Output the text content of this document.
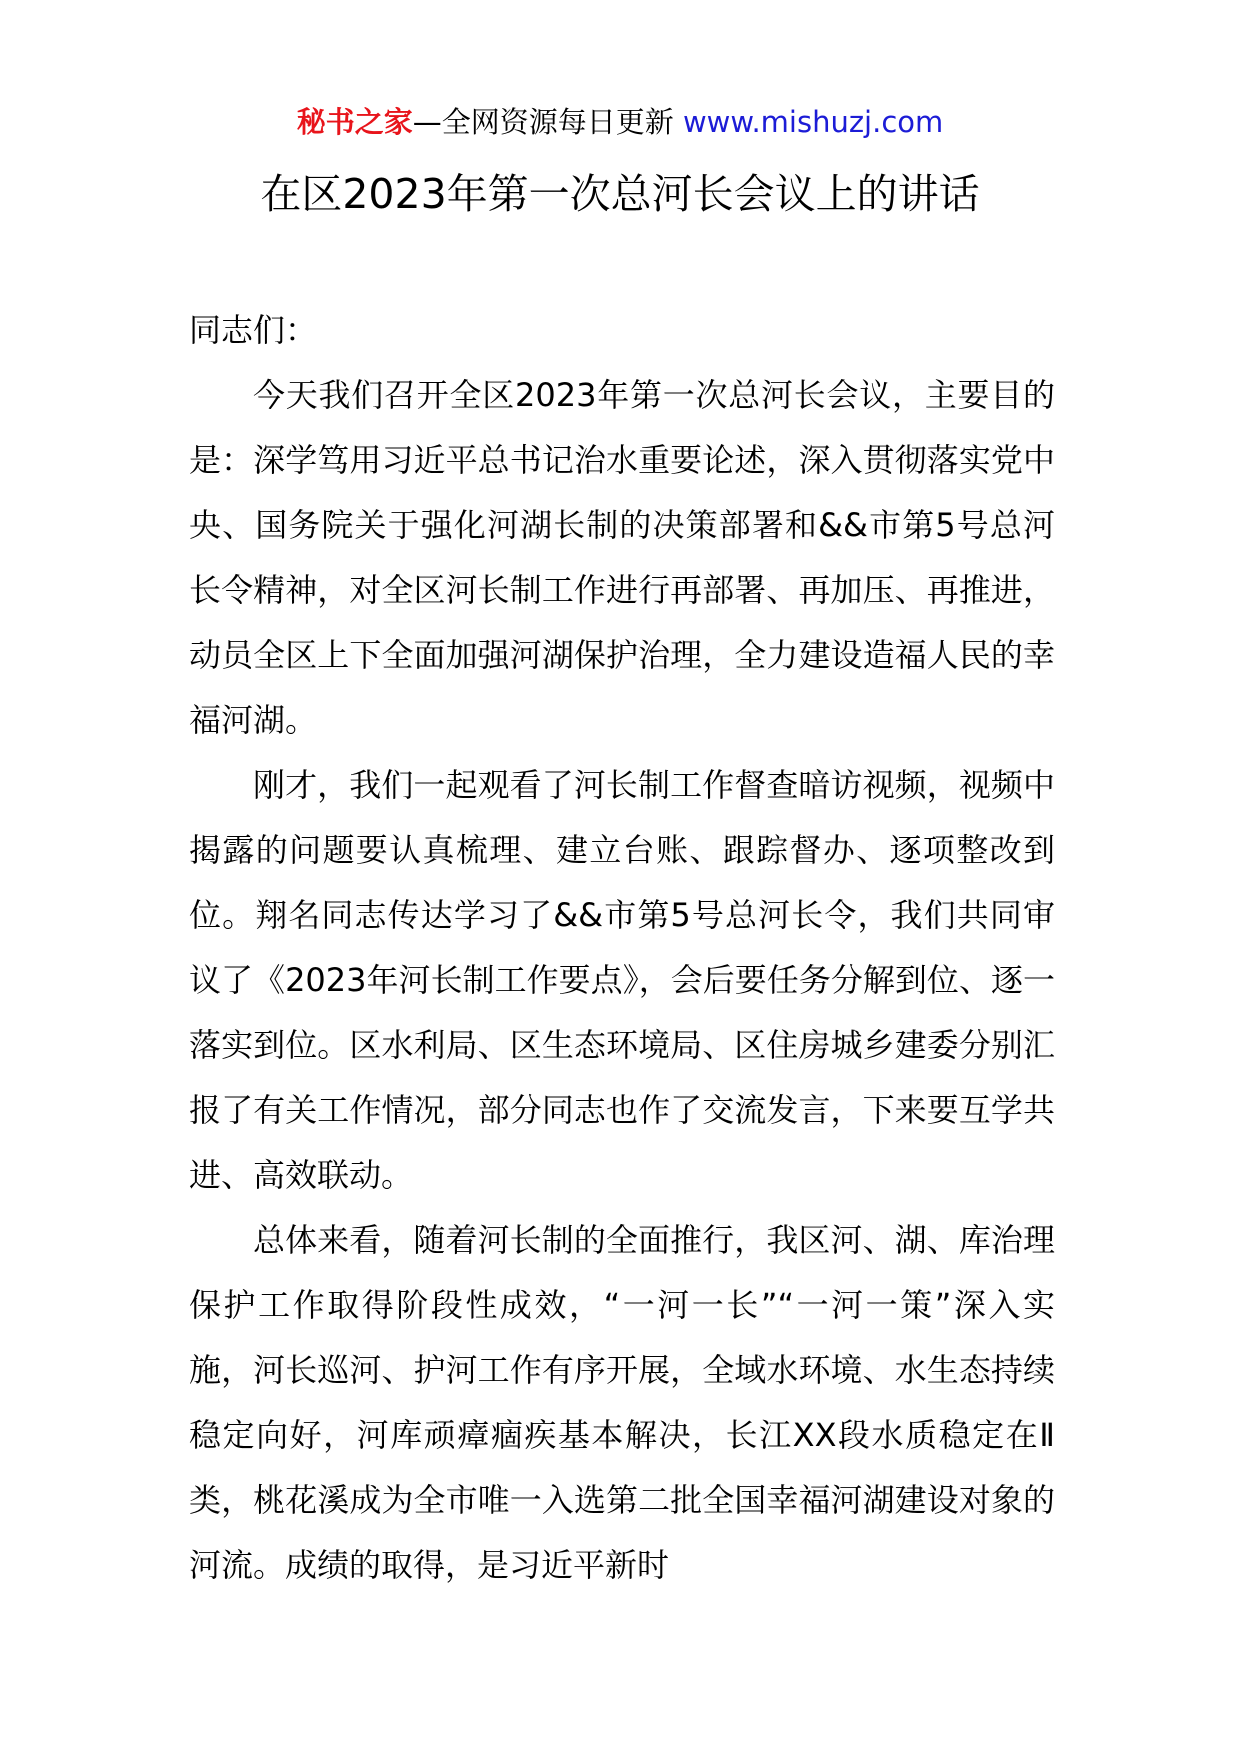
秘书之家—全网资源每日更新 www.mishuzj.com
在区2023年第一次总河长会议上的讲话

同志们：

今天我们召开全区2023年第一次总河长会议，主要目的是：深学笃用习近平总书记治水重要论述，深入贯彻落实党中央、国务院关于强化河湖长制的决策部署和&&市第5号总河长令精神，对全区河长制工作进行再部署、再加压、再推进，动员全区上下全面加强河湖保护治理，全力建设造福人民的幸福河湖。

刚才，我们一起观看了河长制工作督查暗访视频，视频中揭露的问题要认真梳理、建立台账、跟踪督办、逐项整改到位。翔名同志传达学习了&&市第5号总河长令，我们共同审议了《2023年河长制工作要点》，会后要任务分解到位、逐一落实到位。区水利局、区生态环境局、区住房城乡建委分别汇报了有关工作情况，部分同志也作了交流发言，下来要互学共进、高效联动。

总体来看，随着河长制的全面推行，我区河、湖、库治理保护工作取得阶段性成效，“一河一长”“一河一策”深入实施，河长巡河、护河工作有序开展，全域水环境、水生态持续稳定向好，河库顽瘴痼疾基本解决，长江XX段水质稳定在Ⅱ类，桃花溪成为全市唯一入选第二批全国幸福河湖建设对象的河流。成绩的取得，是习近平新时
